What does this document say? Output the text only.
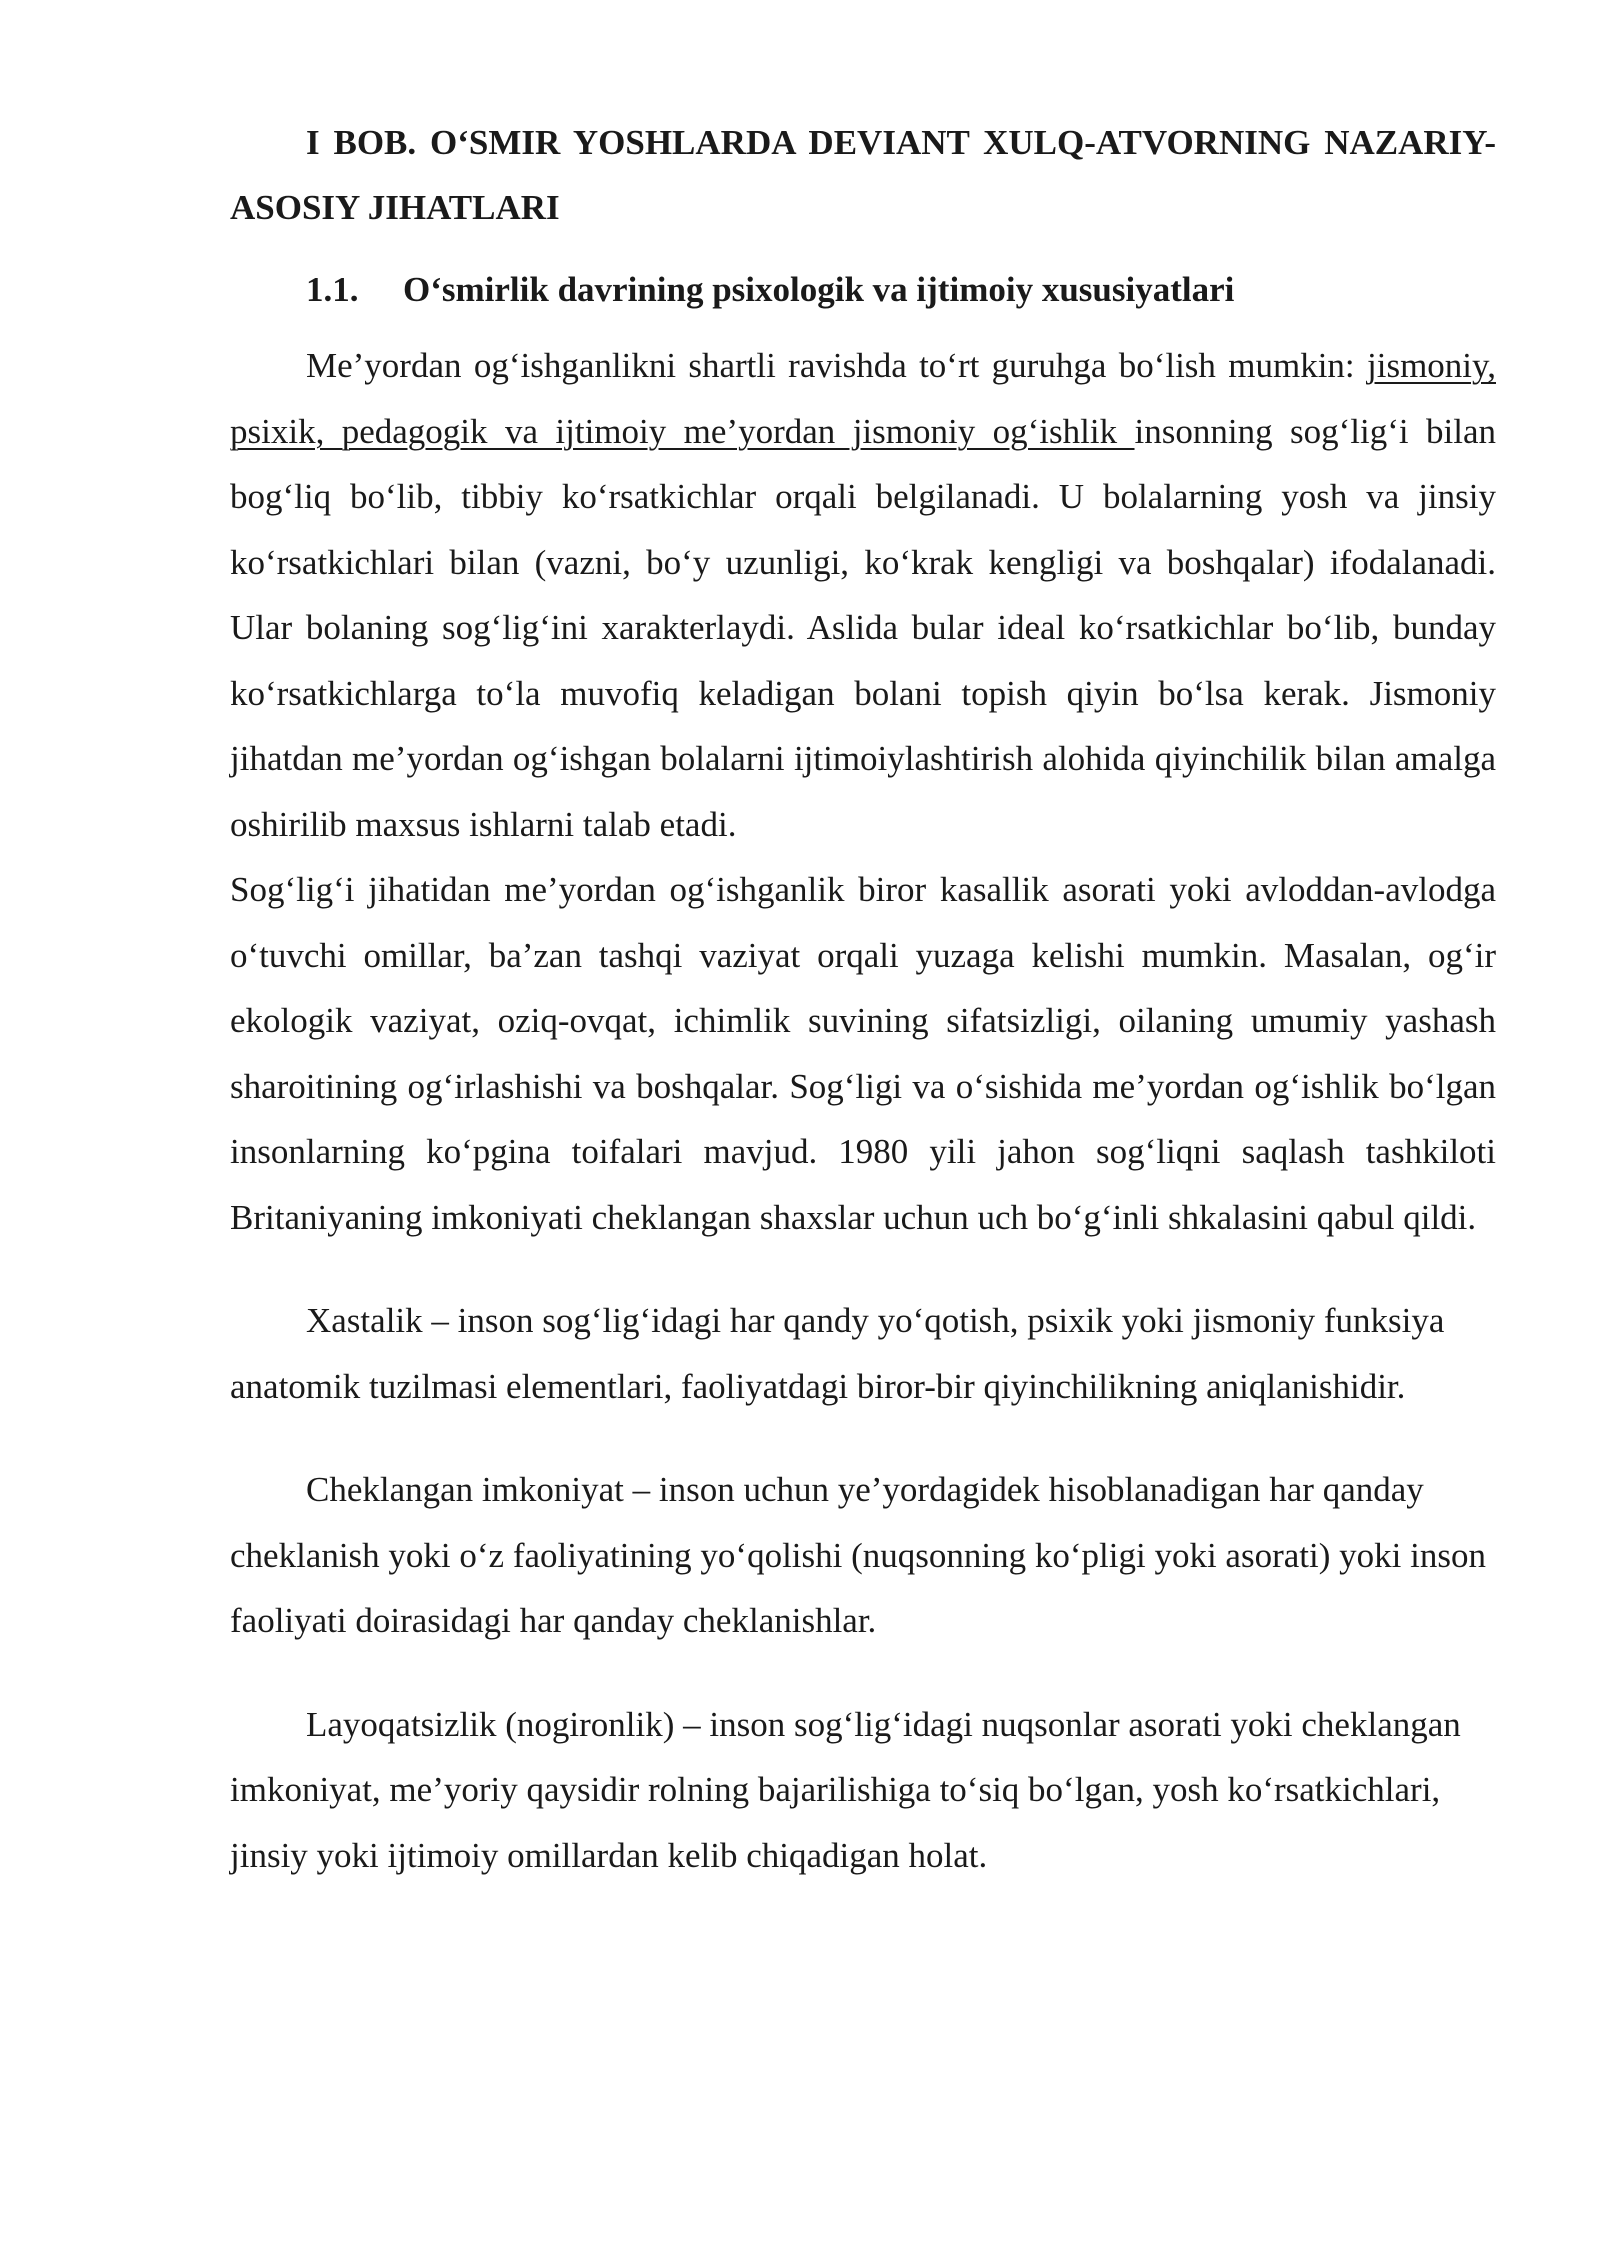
I BOB. O‘SMIR YOSHLARDA DEVIANT XULQ-ATVORNING NAZARIY-ASOSIY JIHATLARI
1.1.	O‘smirlik davrining psixologik va ijtimoiy xususiyatlari

Me’yordan og‘ishganlikni shartli ravishda to‘rt guruhga bo‘lish mumkin: jismoniy, psixik, pedagogik va ijtimoiy me’yordan jismoniy og‘ishlik insonning sog‘lig‘i bilan bog‘liq bo‘lib, tibbiy ko‘rsatkichlar orqali belgilanadi. U bolalarning yosh va jinsiy ko‘rsatkichlari bilan (vazni, bo‘y uzunligi, ko‘krak kengligi va boshqalar) ifodalanadi. Ular bolaning sog‘lig‘ini xarakterlaydi. Aslida bular ideal ko‘rsatkichlar bo‘lib, bunday ko‘rsatkichlarga to‘la muvofiq keladigan bolani topish qiyin bo‘lsa kerak. Jismoniy jihatdan me’yordan og‘ishgan bolalarni ijtimoiylashtirish alohida qiyinchilik bilan amalga oshirilib maxsus ishlarni talab etadi.

Sog‘lig‘i jihatidan me’yordan og‘ishganlik biror kasallik asorati yoki avloddan-avlodga o‘tuvchi omillar, ba’zan tashqi vaziyat orqali yuzaga kelishi mumkin. Masalan, og‘ir ekologik vaziyat, oziq-ovqat, ichimlik suvining sifatsizligi, oilaning umumiy yashash sharoitining og‘irlashishi va boshqalar. Sog‘ligi va o‘sishida me’yordan og‘ishlik bo‘lgan insonlarning ko‘pgina toifalari mavjud. 1980 yili jahon sog‘liqni saqlash tashkiloti Britaniyaning imkoniyati cheklangan shaxslar uchun uch bo‘g‘inli shkalasini qabul qildi.

Xastalik – inson sog‘lig‘idagi har qandy yo‘qotish, psixik yoki jismoniy funksiya anatomik tuzilmasi elementlari, faoliyatdagi biror-bir qiyinchilikning aniqlanishidir.

Cheklangan imkoniyat – inson uchun ye’yordagidek hisoblanadigan har qanday cheklanish yoki o‘z faoliyatining yo‘qolishi (nuqsonning ko‘pligi yoki asorati) yoki inson faoliyati doirasidagi har qanday cheklanishlar.

Layoqatsizlik (nogironlik) – inson sog‘lig‘idagi nuqsonlar asorati yoki cheklangan imkoniyat, me’yoriy qaysidir rolning bajarilishiga to‘siq bo‘lgan, yosh ko‘rsatkichlari, jinsiy yoki ijtimoiy omillardan kelib chiqadigan holat.
